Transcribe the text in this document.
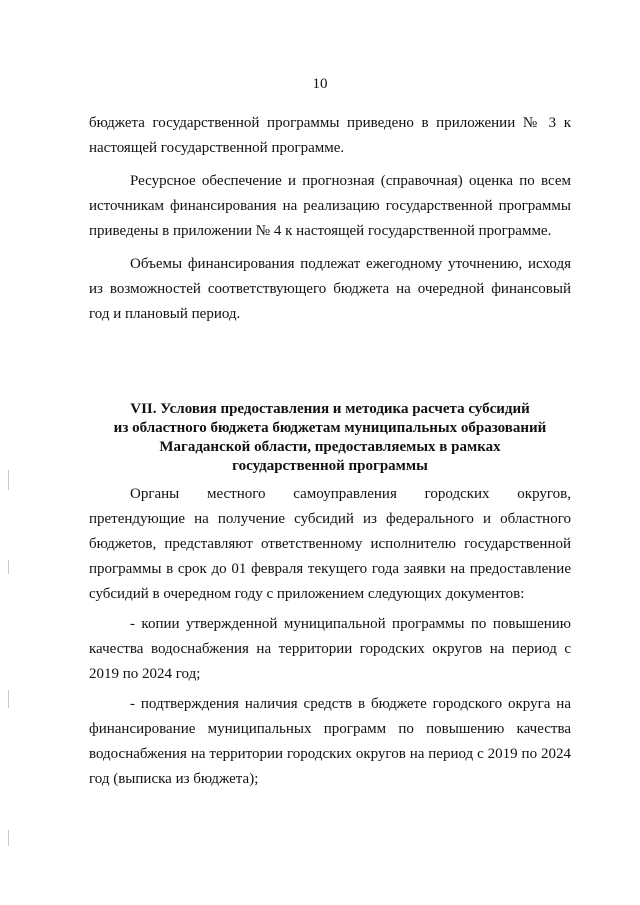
10

бюджета государственной программы приведено в приложении № 3 к настоящей государственной программе.

Ресурсное обеспечение и прогнозная (справочная) оценка по всем источникам финансирования на реализацию государственной программы приведены в приложении № 4 к настоящей государственной программе.

Объемы финансирования подлежат ежегодному уточнению, исходя из возможностей соответствующего бюджета на очередной финансовый год и плановый период.

VII. Условия предоставления и методика расчета субсидий
из областного бюджета бюджетам муниципальных образований
Магаданской области, предоставляемых в рамках
государственной программы

Органы местного самоуправления городских округов, претендующие на получение субсидий из федерального и областного бюджетов, представляют ответственному исполнителю государственной программы в срок до 01 февраля текущего года заявки на предоставление субсидий в очередном году с приложением следующих документов:

- копии утвержденной муниципальной программы по повышению качества водоснабжения на территории городских округов на период с 2019 по 2024 год;

- подтверждения наличия средств в бюджете городского округа на финансирование муниципальных программ по повышению качества водоснабжения на территории городских округов на период с 2019 по 2024 год (выписка из бюджета);
